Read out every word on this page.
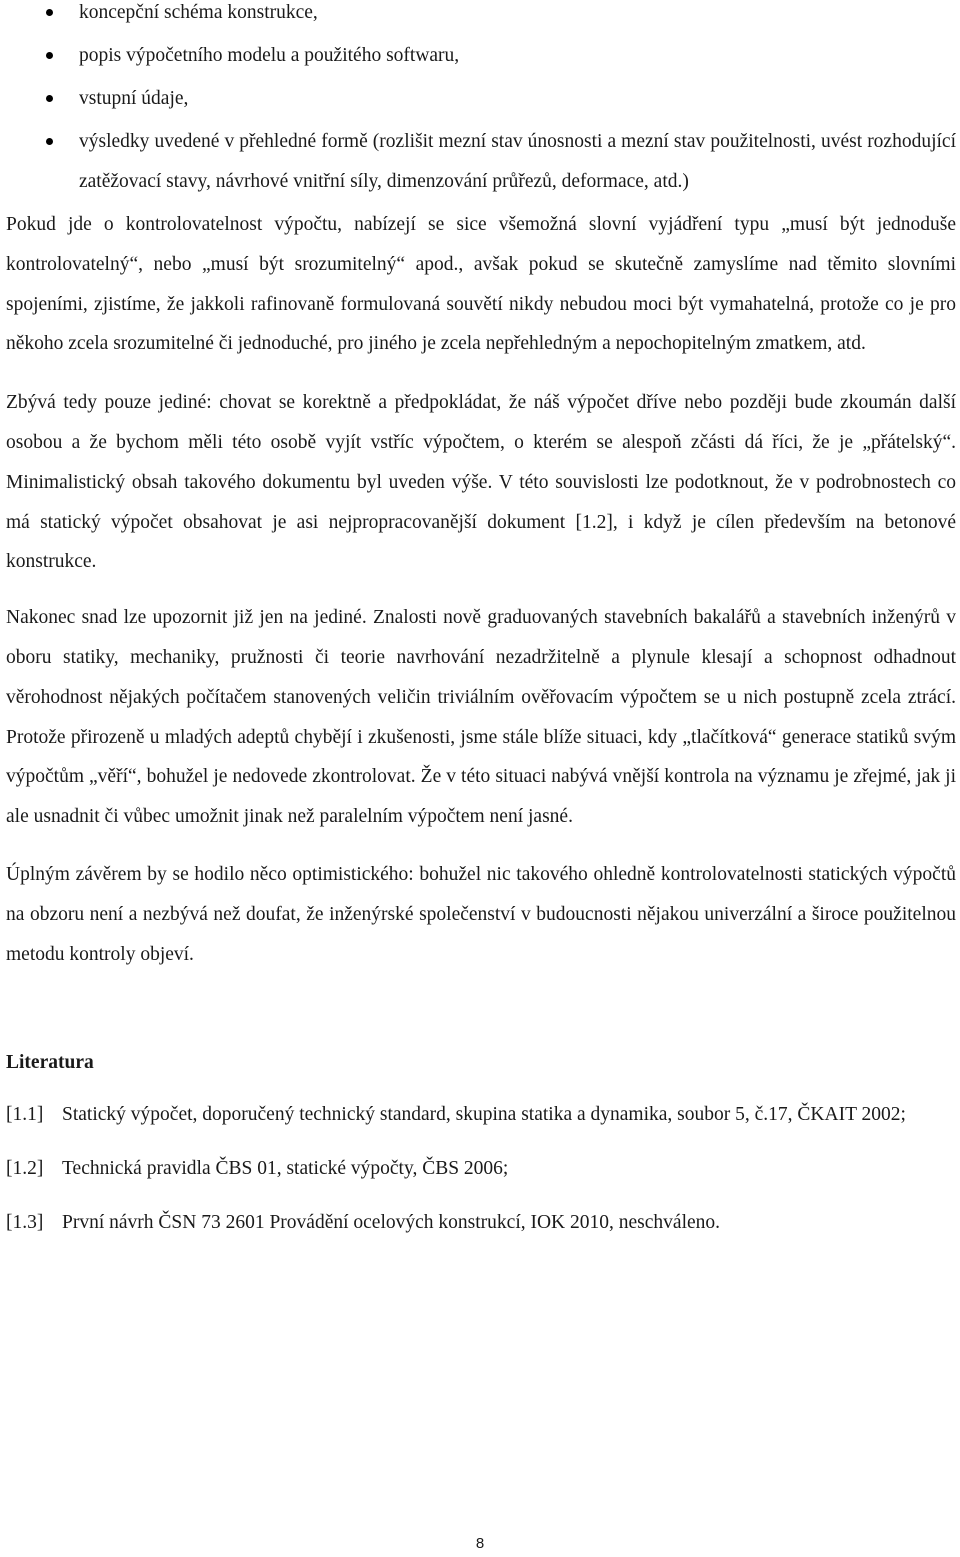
koncepční schéma konstrukce,
popis výpočetního modelu a použitého softwaru,
vstupní údaje,
výsledky uvedené v přehledné formě (rozlišit mezní stav únosnosti a mezní stav použitelnosti, uvést rozhodující zatěžovací stavy, návrhové vnitřní síly, dimenzování průřezů, deformace, atd.)

Pokud jde o kontrolovatelnost výpočtu, nabízejí se sice všemožná slovní vyjádření typu „musí být jednoduše kontrolovatelný“, nebo „musí být srozumitelný“ apod., avšak pokud se skutečně zamyslíme nad těmito slovními spojeními, zjistíme, že jakkoli rafinovaně formulovaná souvětí nikdy nebudou moci být vymahatelná, protože co je pro někoho zcela srozumitelné či jednoduché, pro jiného je zcela nepřehledným a nepochopitelným zmatkem, atd.

Zbývá tedy pouze jediné: chovat se korektně a předpokládat, že náš výpočet dříve nebo později bude zkoumán další osobou a že bychom měli této osobě vyjít vstříc výpočtem, o kterém se alespoň zčásti dá říci, že je „přátelský“. Minimalistický obsah takového dokumentu byl uveden výše. V této souvislosti lze podotknout, že v podrobnostech co má statický výpočet obsahovat je asi nejpropracovanější dokument [1.2], i když je cílen především na betonové konstrukce.

Nakonec snad lze upozornit již jen na jediné. Znalosti nově graduovaných stavebních bakalářů a stavebních inženýrů v oboru statiky, mechaniky, pružnosti či teorie navrhování nezadržitelně a plynule klesají a schopnost odhadnout věrohodnost nějakých počítačem stanovených veličin triviálním ověřovacím výpočtem se u nich postupně zcela ztrácí. Protože přirozeně u mladých adeptů chybějí i zkušenosti, jsme stále blíže situaci, kdy „tlačítková“ generace statiků svým výpočtům „věří“, bohužel je nedovede zkontrolovat. Že v této situaci nabývá vnější kontrola na významu je zřejmé, jak ji ale usnadnit či vůbec umožnit jinak než paralelním výpočtem není jasné.

Úplným závěrem by se hodilo něco optimistického: bohužel nic takového ohledně kontrolovatelnosti statických výpočtů na obzoru není a nezbývá než doufat, že inženýrské společenství v budoucnosti nějakou univerzální a široce použitelnou metodu kontroly objeví.

Literatura
[1.1] Statický výpočet, doporučený technický standard, skupina statika a dynamika, soubor 5, č.17, ČKAIT 2002;
[1.2] Technická pravidla ČBS 01, statické výpočty, ČBS 2006;
[1.3] První návrh ČSN 73 2601 Provádění ocelových konstrukcí, IOK 2010, neschváleno.
8
